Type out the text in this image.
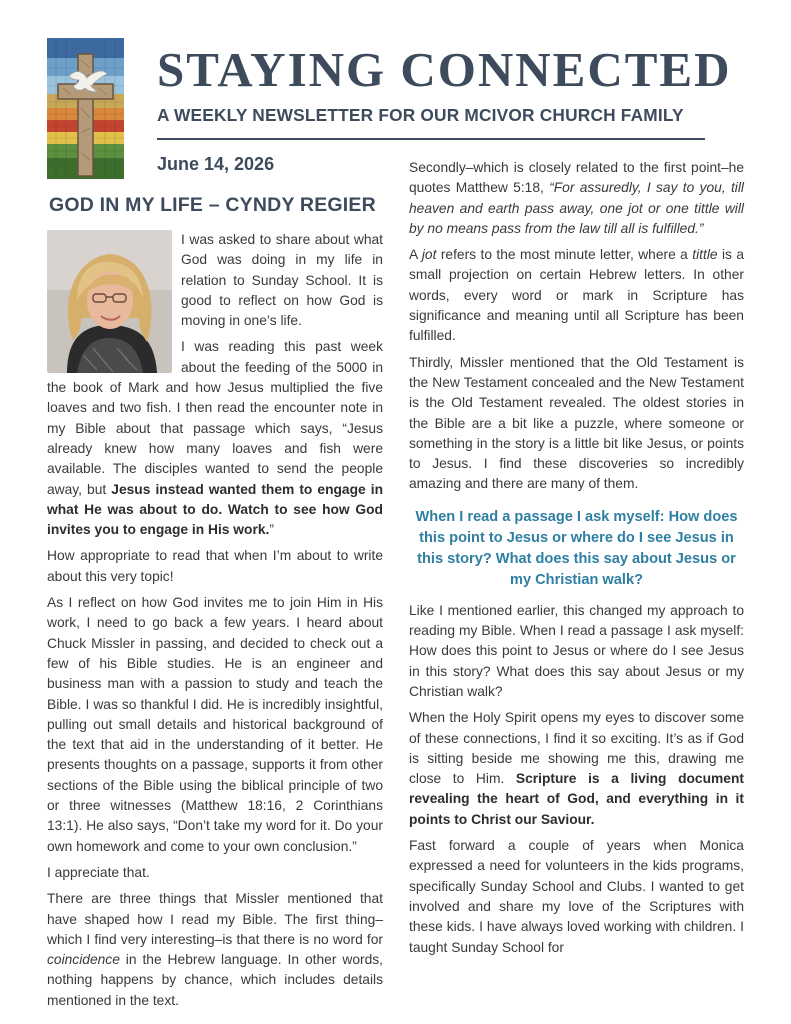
STAYING CONNECTED
A WEEKLY NEWSLETTER FOR OUR MCIVOR CHURCH FAMILY
June 14, 2026
GOD IN MY LIFE – CYNDY REGIER

I was asked to share about what God was doing in my life in relation to Sunday School. It is good to reflect on how God is moving in one’s life.

I was reading this past week about the feeding of the 5000 in the book of Mark and how Jesus multiplied the five loaves and two fish. I then read the encounter note in my Bible about that passage which says, “Jesus already knew how many loaves and fish were available. The disciples wanted to send the people away, but Jesus instead wanted them to engage in what He was about to do. Watch to see how God invites you to engage in His work.”

How appropriate to read that when I’m about to write about this very topic!

As I reflect on how God invites me to join Him in His work, I need to go back a few years. I heard about Chuck Missler in passing, and decided to check out a few of his Bible studies. He is an engineer and business man with a passion to study and teach the Bible. I was so thankful I did. He is incredibly insightful, pulling out small details and historical background of the text that aid in the understanding of it better. He presents thoughts on a passage, supports it from other sections of the Bible using the biblical principle of two or three witnesses (Matthew 18:16, 2 Corinthians 13:1). He also says, “Don’t take my word for it. Do your own homework and come to your own conclusion.”

I appreciate that.

There are three things that Missler mentioned that have shaped how I read my Bible. The first thing–which I find very interesting–is that there is no word for coincidence in the Hebrew language. In other words, nothing happens by chance, which includes details mentioned in the text.

Secondly–which is closely related to the first point–he quotes Matthew 5:18, “For assuredly, I say to you, till heaven and earth pass away, one jot or one tittle will by no means pass from the law till all is fulfilled.”

A jot refers to the most minute letter, where a tittle is a small projection on certain Hebrew letters. In other words, every word or mark in Scripture has significance and meaning until all Scripture has been fulfilled.

Thirdly, Missler mentioned that the Old Testament is the New Testament concealed and the New Testament is the Old Testament revealed. The oldest stories in the Bible are a bit like a puzzle, where someone or something in the story is a little bit like Jesus, or points to Jesus. I find these discoveries so incredibly amazing and there are many of them.

When I read a passage I ask myself: How does this point to Jesus or where do I see Jesus in this story? What does this say about Jesus or my Christian walk?

Like I mentioned earlier, this changed my approach to reading my Bible. When I read a passage I ask myself: How does this point to Jesus or where do I see Jesus in this story? What does this say about Jesus or my Christian walk?

When the Holy Spirit opens my eyes to discover some of these connections, I find it so exciting. It’s as if God is sitting beside me showing me this, drawing me close to Him. Scripture is a living document revealing the heart of God, and everything in it points to Christ our Saviour.

Fast forward a couple of years when Monica expressed a need for volunteers in the kids programs, specifically Sunday School and Clubs. I wanted to get involved and share my love of the Scriptures with these kids. I have always loved working with children. I taught Sunday School for
